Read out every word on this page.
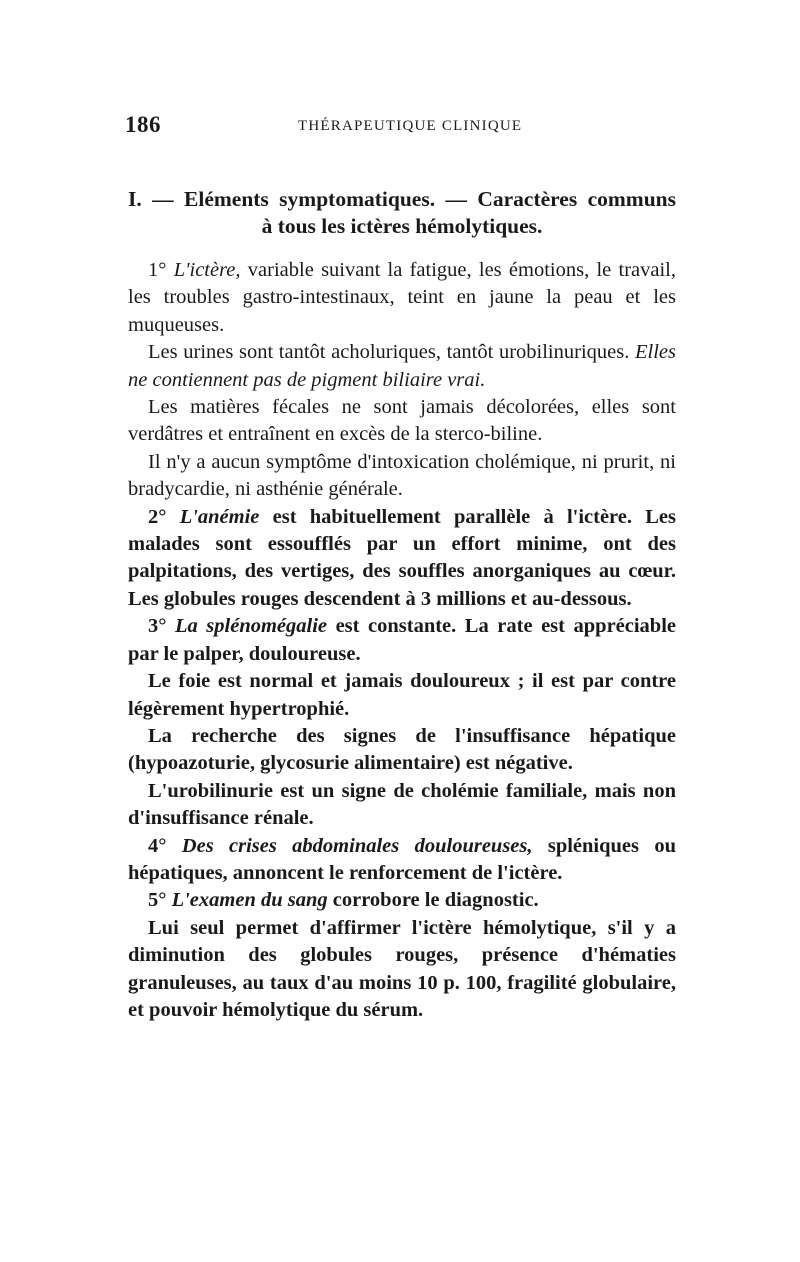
186	THÉRAPEUTIQUE CLINIQUE
I. — Eléments symptomatiques. — Caractères communs
à tous les ictères hémolytiques.

1° L'ictère, variable suivant la fatigue, les émotions, le travail, les troubles gastro-intestinaux, teint en jaune la peau et les muqueuses.

Les urines sont tantôt acholuriques, tantôt urobilinuriques. Elles ne contiennent pas de pigment biliaire vrai.

Les matières fécales ne sont jamais décolorées, elles sont verdâtres et entraînent en excès de la sterco-biline.

Il n'y a aucun symptôme d'intoxication cholémique, ni prurit, ni bradycardie, ni asthénie générale.

2° L'anémie est habituellement parallèle à l'ictère. Les malades sont essoufflés par un effort minime, ont des palpitations, des vertiges, des souffles anorganiques au cœur. Les globules rouges descendent à 3 millions et au-dessous.

3° La splénomégalie est constante. La rate est appréciable par le palper, douloureuse.

Le foie est normal et jamais douloureux ; il est par contre légèrement hypertrophié.

La recherche des signes de l'insuffisance hépatique (hypoazoturie, glycosurie alimentaire) est négative.

L'urobilinurie est un signe de cholémie familiale, mais non d'insuffisance rénale.

4° Des crises abdominales douloureuses, spléniques ou hépatiques, annoncent le renforcement de l'ictère.

5° L'examen du sang corrobore le diagnostic.

Lui seul permet d'affirmer l'ictère hémolytique, s'il y a diminution des globules rouges, présence d'hématies granuleuses, au taux d'au moins 10 p. 100, fragilité globulaire, et pouvoir hémolytique du sérum.
